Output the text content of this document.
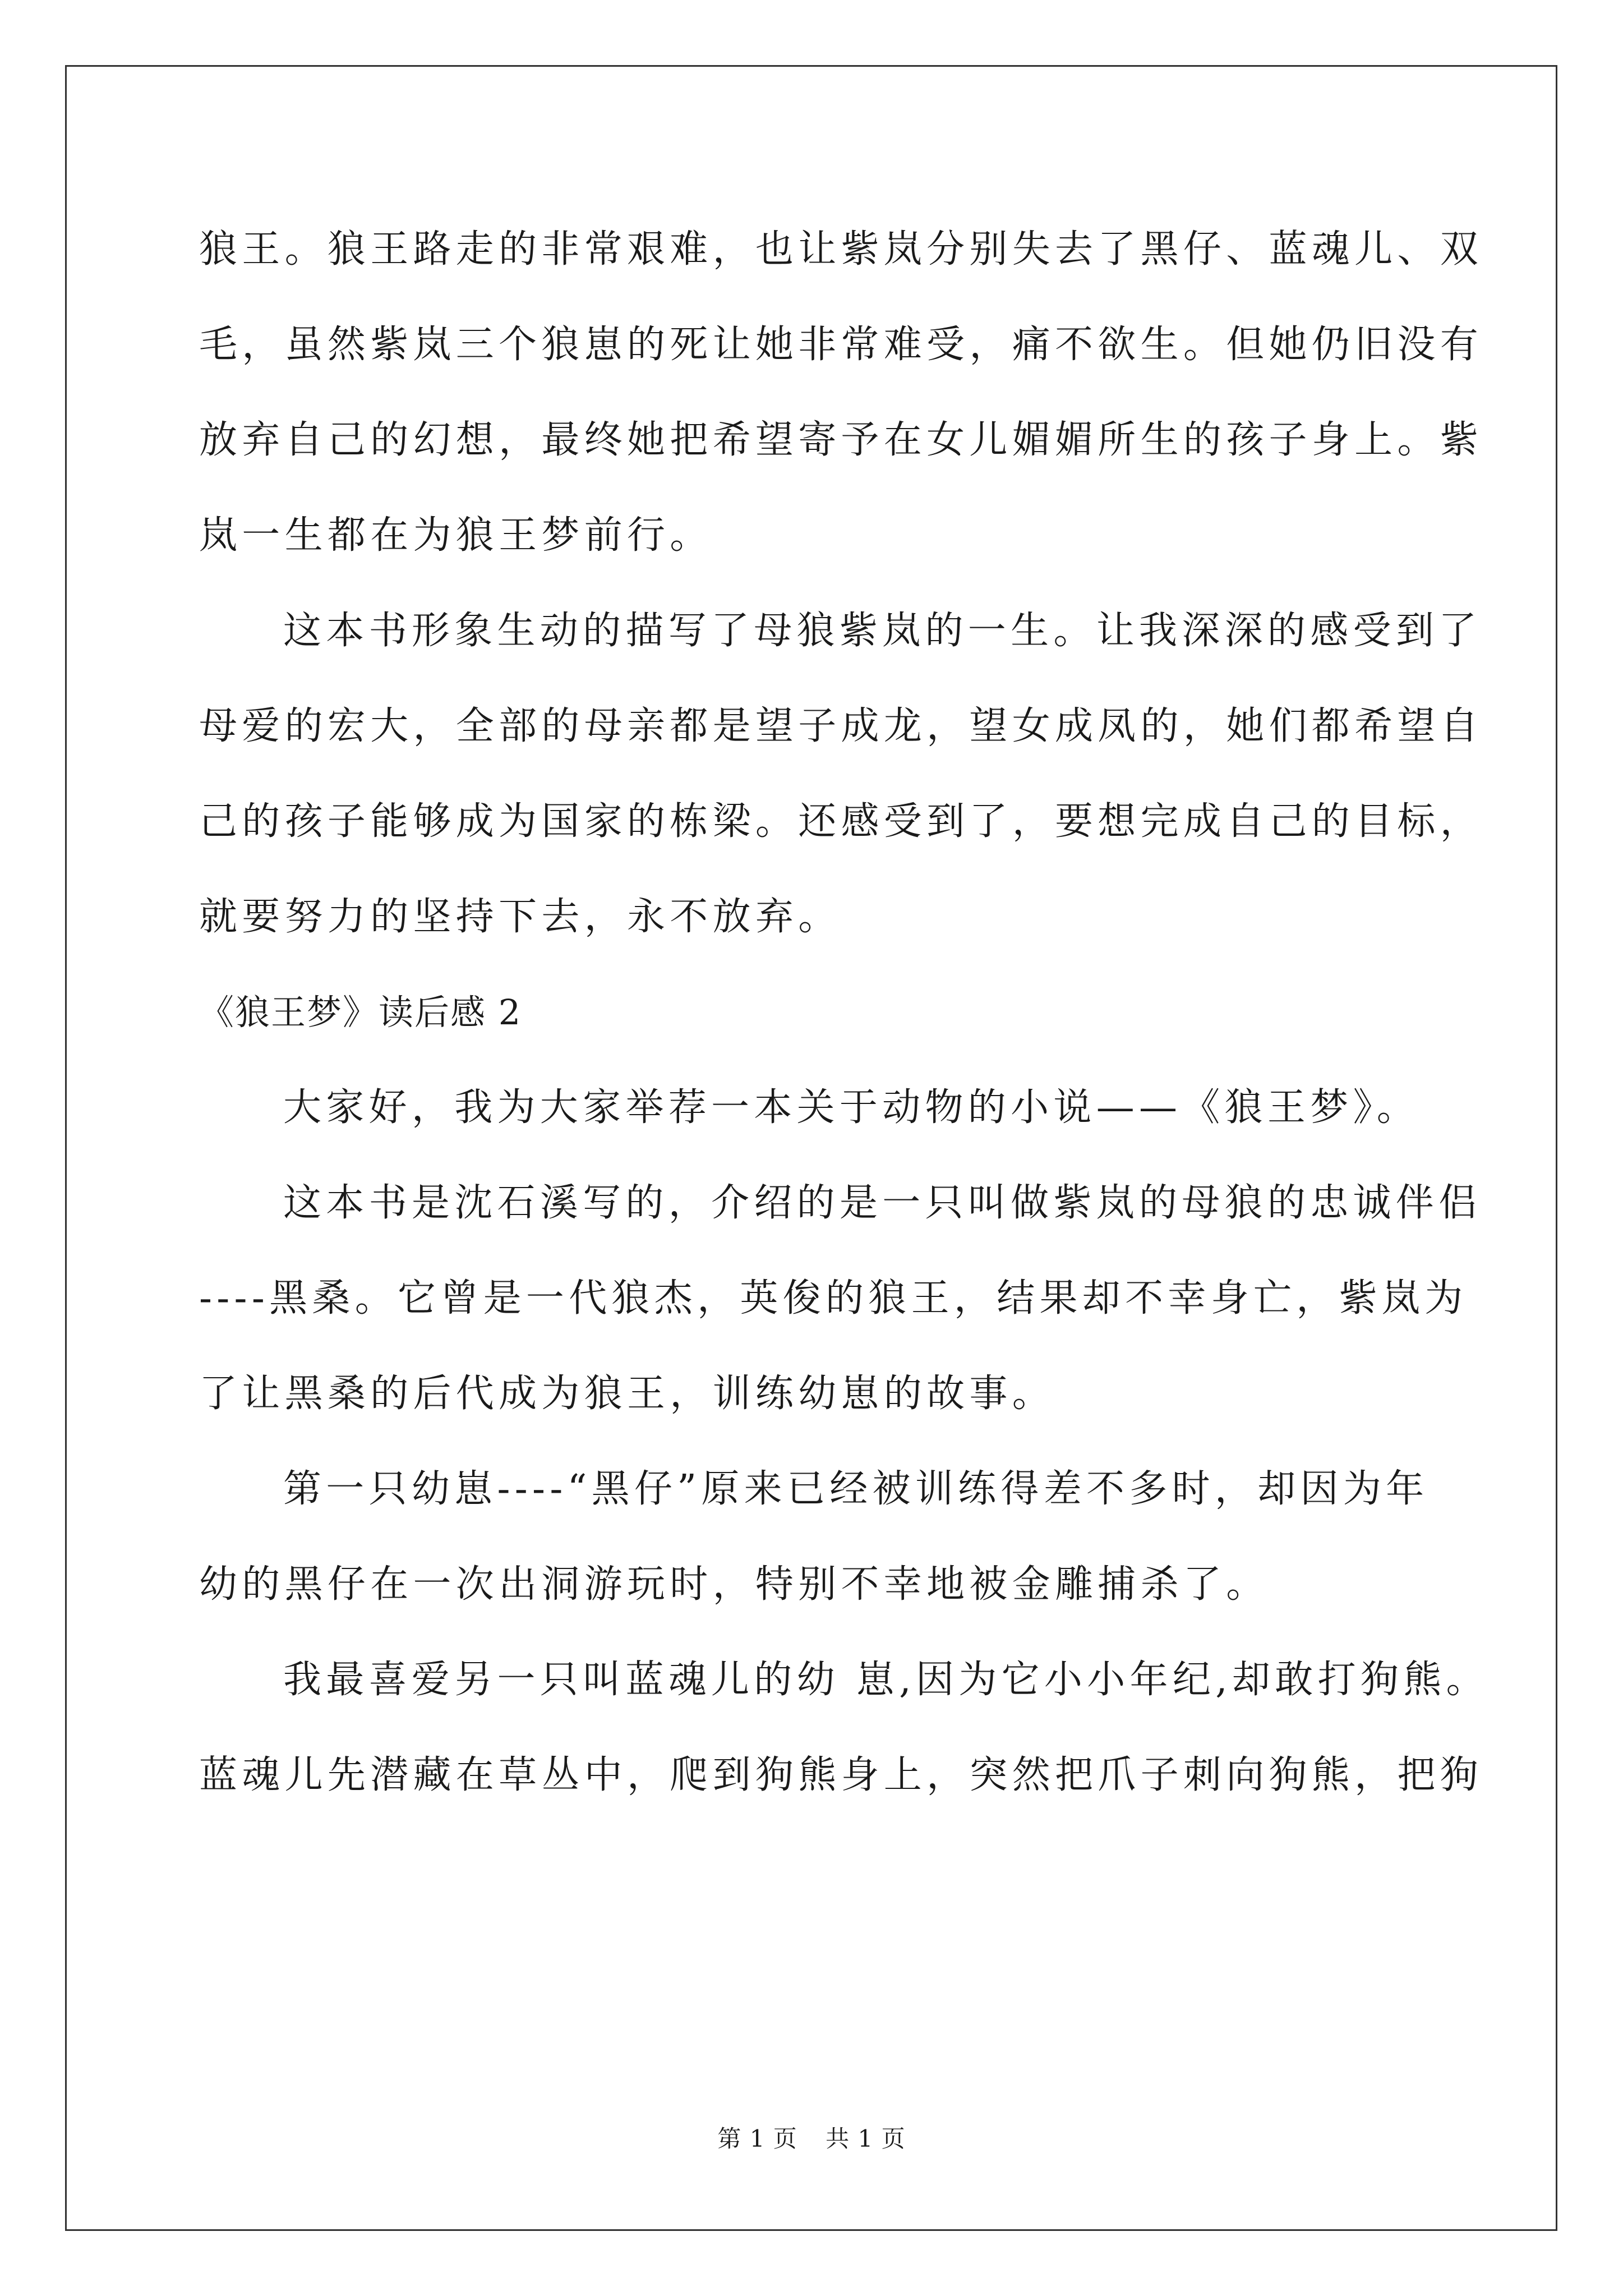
狼王。狼王路走的非常艰难，也让紫岚分别失去了黑仔、蓝魂儿、双
毛，虽然紫岚三个狼崽的死让她非常难受，痛不欲生。但她仍旧没有
放弃自己的幻想，最终她把希望寄予在女儿媚媚所生的孩子身上。紫
岚一生都在为狼王梦前行。
这本书形象生动的描写了母狼紫岚的一生。让我深深的感受到了
母爱的宏大，全部的母亲都是望子成龙，望女成凤的，她们都希望自
己的孩子能够成为国家的栋梁。还感受到了，要想完成自己的目标，
就要努力的坚持下去，永不放弃。
《狼王梦》读后感 2
大家好，我为大家举荐一本关于动物的小说——《狼王梦》。
这本书是沈石溪写的，介绍的是一只叫做紫岚的母狼的忠诚伴侣
----黑桑。它曾是一代狼杰，英俊的狼王，结果却不幸身亡，紫岚为
了让黑桑的后代成为狼王，训练幼崽的故事。
第一只幼崽----“黑仔”原来已经被训练得差不多时，却因为年
幼的黑仔在一次出洞游玩时，特别不幸地被金雕捕杀了。
我最喜爱另一只叫蓝魂儿的幼 崽,因为它小小年纪,却敢打狗熊。
蓝魂儿先潜藏在草丛中，爬到狗熊身上，突然把爪子刺向狗熊，把狗
第 1 页 共 1 页
